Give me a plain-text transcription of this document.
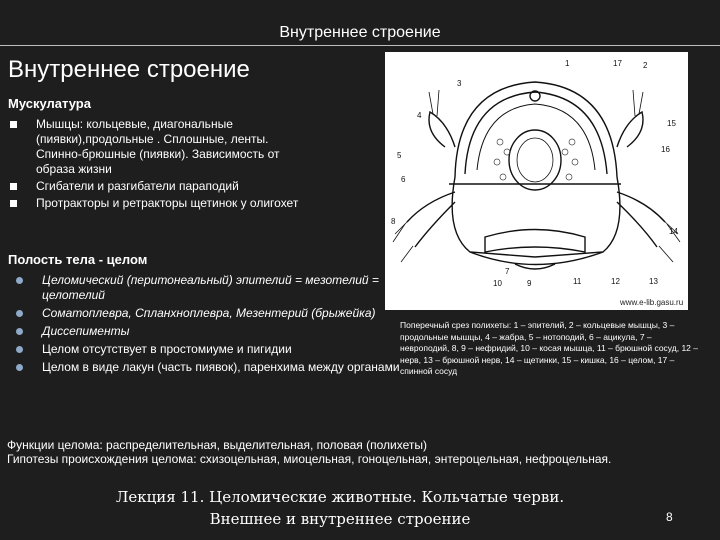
Внутреннее строение
Внутреннее строение
Мускулатура
Мышцы: кольцевые, диагональные (пиявки),продольные . Сплошные, ленты. Спинно-брюшные (пиявки). Зависимость от образа жизни
Сгибатели и разгибатели параподий
Протракторы и ретракторы щетинок у олигохет
Полость тела - целом
Целомический (перитонеальный) эпителий = мезотелий = целотелий
Соматоплевра, Спланхноплевра, Мезентерий (брыжейка)
Диссепименты
Целом отсутствует в простомиуме и пигидии
Целом в виде лакун (часть пиявок), паренхима между органами
1	2
3
4
5
6
7
8
9
10	11	12	13
14
15
16
17
www.e-lib.gasu.ru
Поперечный срез полихеты: 1 – эпителий, 2 – кольцевые мышцы, 3 – продольные мышцы, 4 – жабра, 5 – нотоподий, 6 – ацикула, 7 – невроподий, 8, 9 – нефридий, 10 – косая мышца, 11 – брюшной сосуд, 12 – нерв, 13 – брюшной нерв, 14 – щетинки, 15 – кишка, 16 – целом, 17 – спинной сосуд
Функции целома: распределительная, выделительная, половая (полихеты)
Гипотезы происхождения целома: схизоцельная, миоцельная, гоноцельная, энтероцельная, нефроцельная.
Лекция 11. Целомические животные. Кольчатые черви.
Внешнее и внутреннее строение	8
